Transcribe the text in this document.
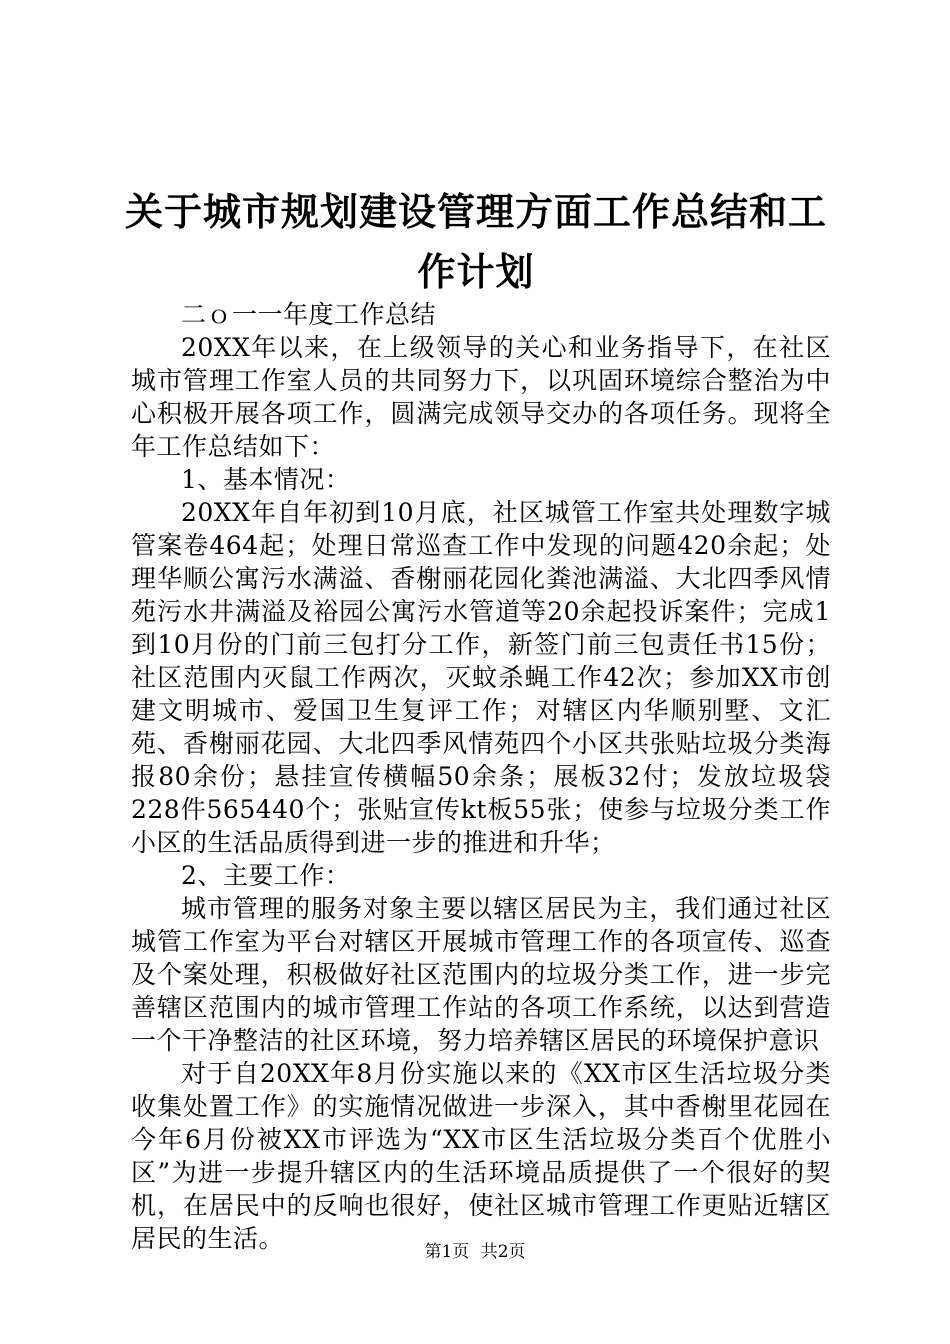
关于城市规划建设管理方面工作总结和工作计划

二ｏ一一年度工作总结

20XX年以来，在上级领导的关心和业务指导下，在社区城市管理工作室人员的共同努力下，以巩固环境综合整治为中心积极开展各项工作，圆满完成领导交办的各项任务。现将全年工作总结如下：

1、基本情况：

20XX年自年初到10月底，社区城管工作室共处理数字城管案卷464起；处理日常巡查工作中发现的问题420余起；处理华顺公寓污水满溢、香榭丽花园化粪池满溢、大北四季风情苑污水井满溢及裕园公寓污水管道等20余起投诉案件；完成1到10月份的门前三包打分工作，新签门前三包责任书15份；社区范围内灭鼠工作两次，灭蚊杀蝇工作42次；参加XX市创建文明城市、爱国卫生复评工作；对辖区内华顺别墅、文汇苑、香榭丽花园、大北四季风情苑四个小区共张贴垃圾分类海报80余份；悬挂宣传横幅50余条；展板32付；发放垃圾袋228件565440个；张贴宣传kt板55张；使参与垃圾分类工作小区的生活品质得到进一步的推进和升华；

2、主要工作：

城市管理的服务对象主要以辖区居民为主，我们通过社区城管工作室为平台对辖区开展城市管理工作的各项宣传、巡查及个案处理，积极做好社区范围内的垃圾分类工作，进一步完善辖区范围内的城市管理工作站的各项工作系统，以达到营造一个干净整洁的社区环境，努力培养辖区居民的环境保护意识

对于自20XX年8月份实施以来的《XX市区生活垃圾分类收集处置工作》的实施情况做进一步深入，其中香榭里花园在今年6月份被XX市评选为“XX市区生活垃圾分类百个优胜小区”为进一步提升辖区内的生活环境品质提供了一个很好的契机，在居民中的反响也很好，使社区城市管理工作更贴近辖区居民的生活。	第1页 共2页
